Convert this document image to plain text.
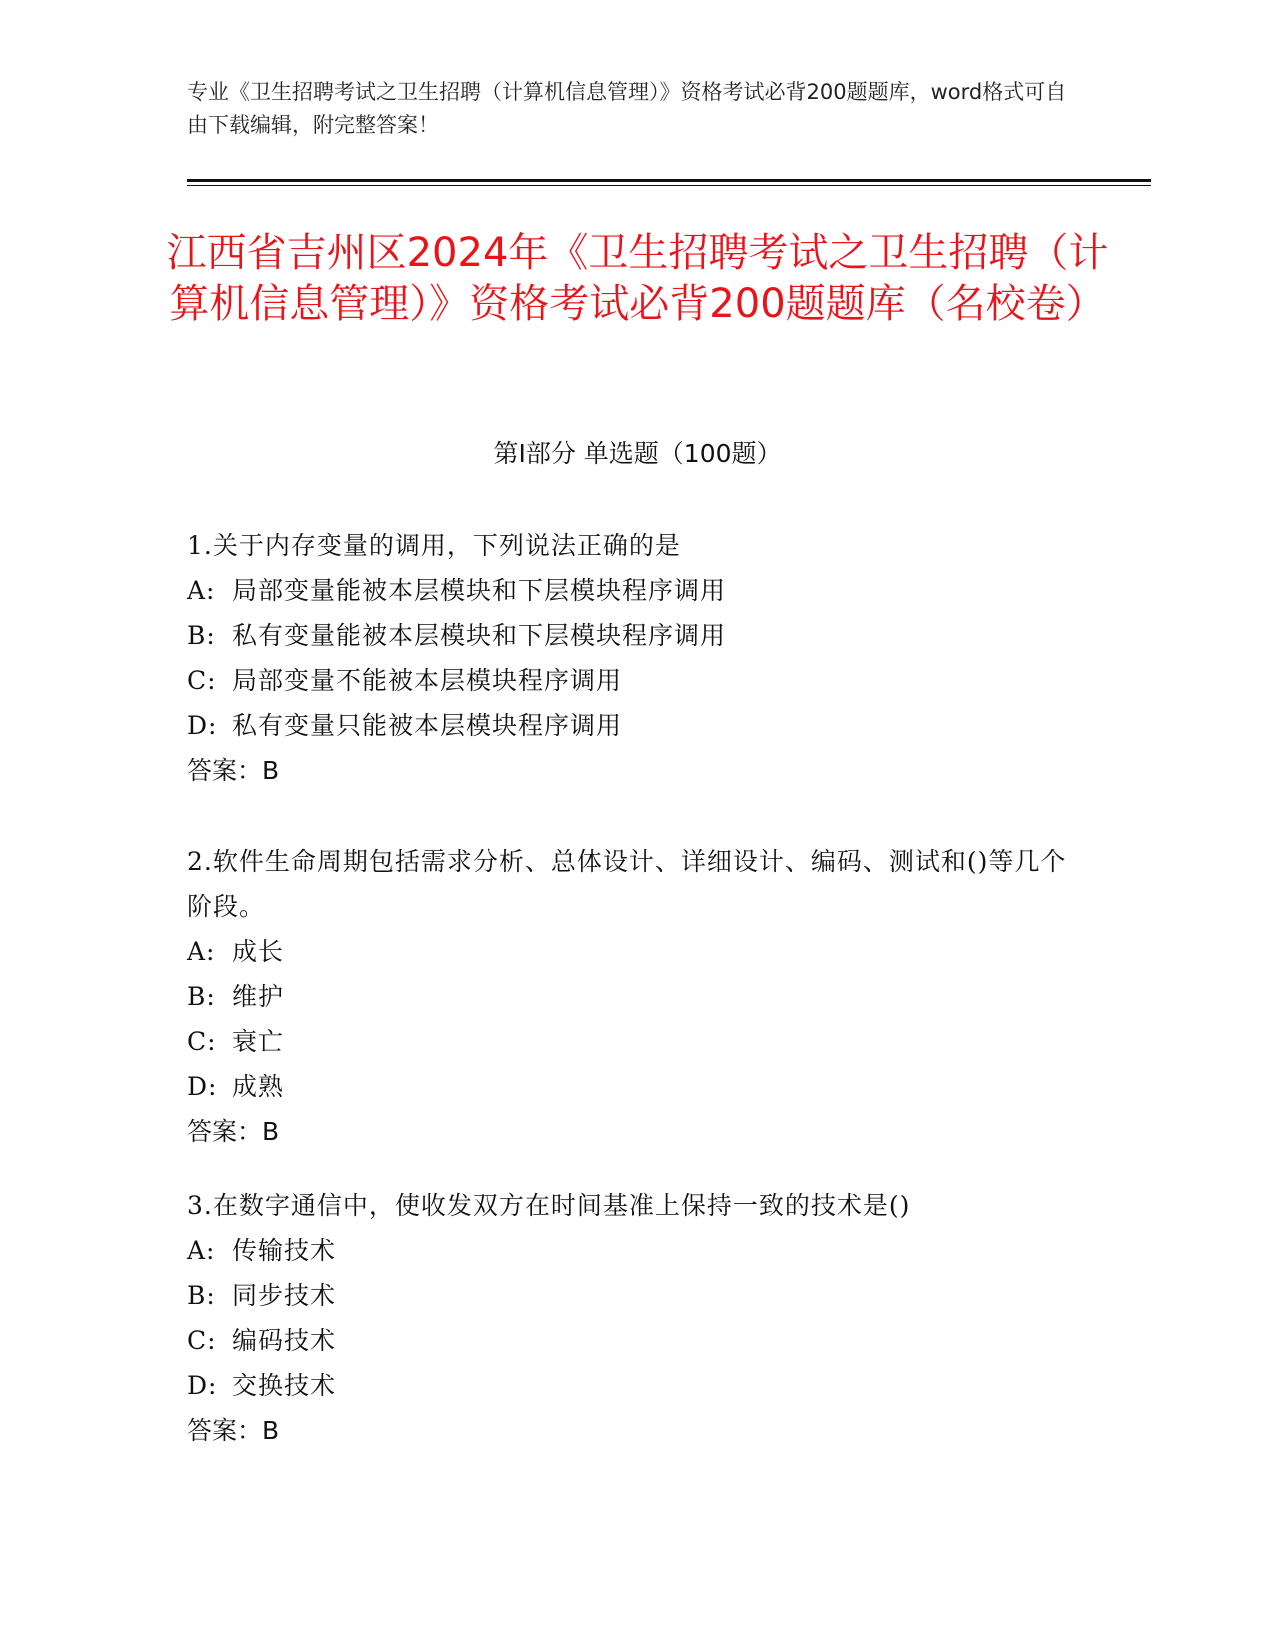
专业《卫生招聘考试之卫生招聘（计算机信息管理）》资格考试必背200题题库，word格式可自由下载编辑，附完整答案！
江西省吉州区2024年《卫生招聘考试之卫生招聘（计算机信息管理）》资格考试必背200题题库（名校卷）
第Ⅰ部分 单选题（100题）
1.关于内存变量的调用，下列说法正确的是
A: 局部变量能被本层模块和下层模块程序调用
B: 私有变量能被本层模块和下层模块程序调用
C: 局部变量不能被本层模块程序调用
D: 私有变量只能被本层模块程序调用
答案：B
2.软件生命周期包括需求分析、总体设计、详细设计、编码、测试和()等几个阶段。
A: 成长
B: 维护
C: 衰亡
D: 成熟
答案：B
3.在数字通信中，使收发双方在时间基准上保持一致的技术是()
A: 传输技术
B: 同步技术
C: 编码技术
D: 交换技术
答案：B
